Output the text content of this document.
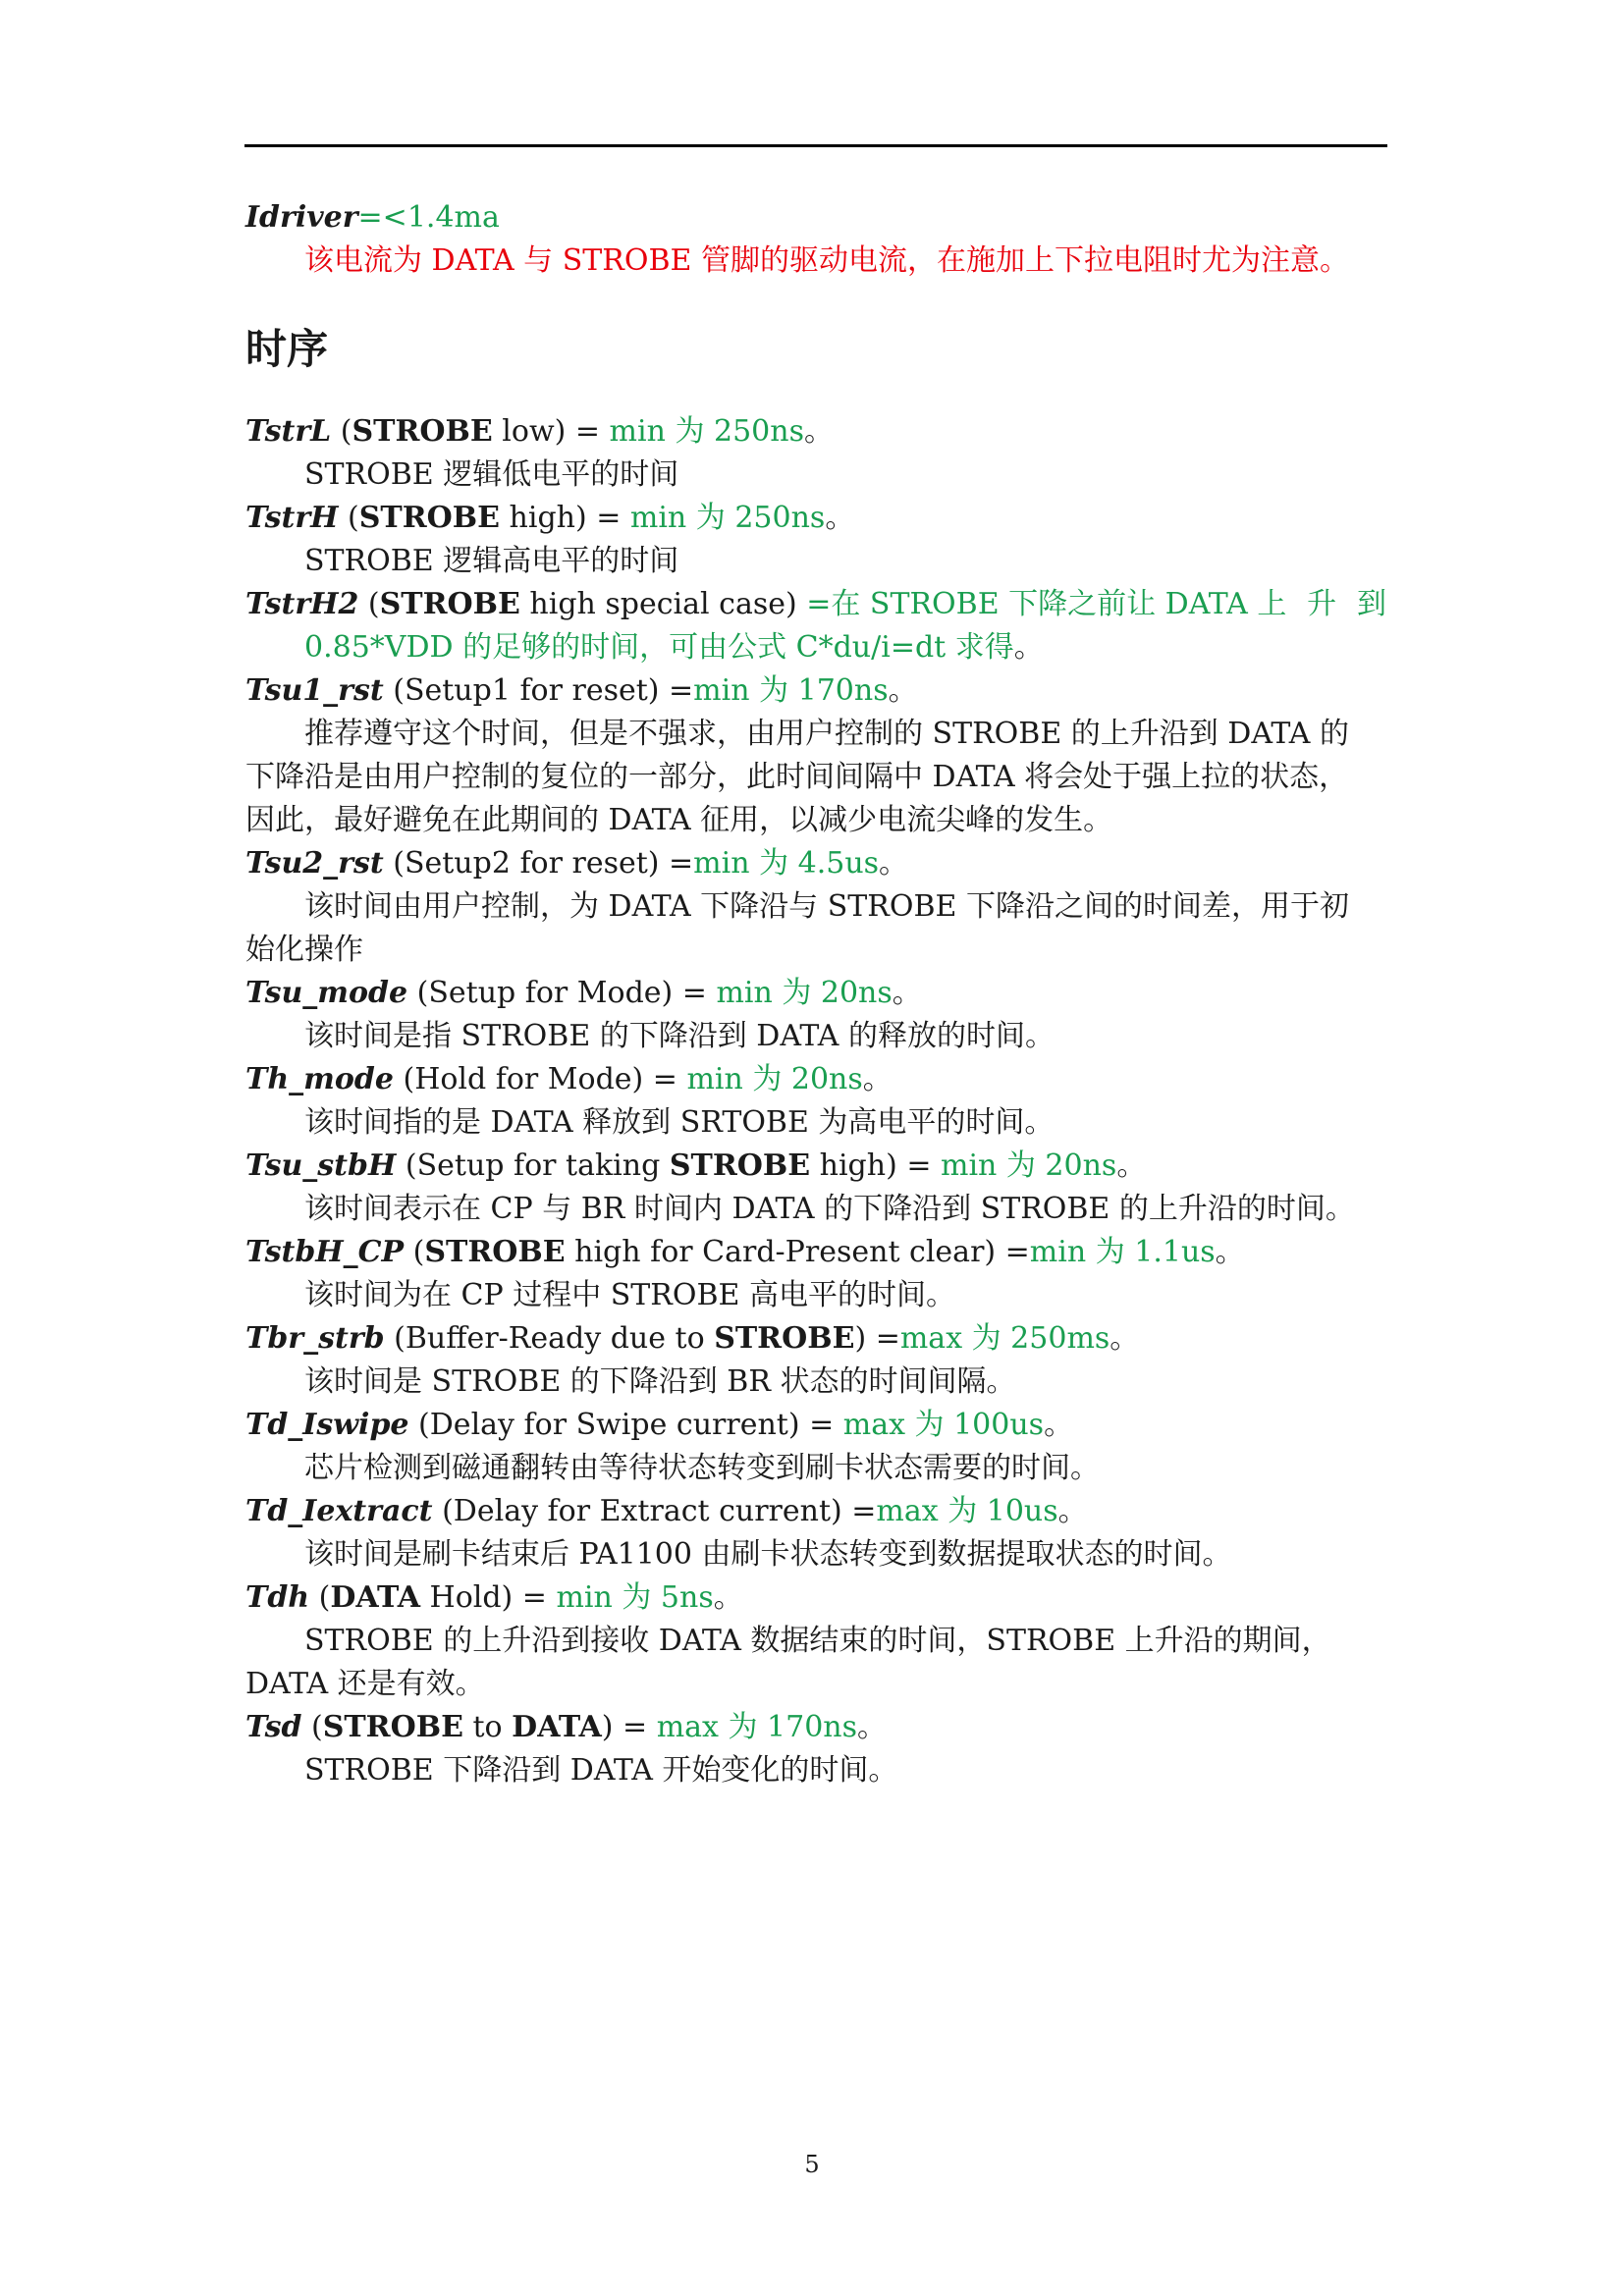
Idriver=<1.4ma
该电流为 DATA 与 STROBE 管脚的驱动电流，在施加上下拉电阻时尤为注意。
时序
TstrL (STROBE low) = min 为 250ns。
STROBE 逻辑低电平的时间
TstrH (STROBE high) = min 为 250ns。
STROBE 逻辑高电平的时间
TstrH2 (STROBE high special case) =在 STROBE 下降之前让 DATA 上 升 到
0.85*VDD 的足够的时间，可由公式 C*du/i=dt 求得。
Tsu1_rst (Setup1 for reset) =min 为 170ns。
推荐遵守这个时间，但是不强求，由用户控制的 STROBE 的上升沿到 DATA 的
下降沿是由用户控制的复位的一部分，此时间间隔中 DATA 将会处于强上拉的状态，
因此，最好避免在此期间的 DATA 征用，以减少电流尖峰的发生。
Tsu2_rst (Setup2 for reset) =min 为 4.5us。
该时间由用户控制，为 DATA 下降沿与 STROBE 下降沿之间的时间差，用于初
始化操作
Tsu_mode (Setup for Mode) = min 为 20ns。
该时间是指 STROBE 的下降沿到 DATA 的释放的时间。
Th_mode (Hold for Mode) = min 为 20ns。
该时间指的是 DATA 释放到 SRTOBE 为高电平的时间。
Tsu_stbH (Setup for taking STROBE high) = min 为 20ns。
该时间表示在 CP 与 BR 时间内 DATA 的下降沿到 STROBE 的上升沿的时间。
TstbH_CP (STROBE high for Card-Present clear) =min 为 1.1us。
该时间为在 CP 过程中 STROBE 高电平的时间。
Tbr_strb (Buffer-Ready due to STROBE) =max 为 250ms。
该时间是 STROBE 的下降沿到 BR 状态的时间间隔。
Td_Iswipe (Delay for Swipe current) = max 为 100us。
芯片检测到磁通翻转由等待状态转变到刷卡状态需要的时间。
Td_Iextract (Delay for Extract current) =max 为 10us。
该时间是刷卡结束后 PA1100 由刷卡状态转变到数据提取状态的时间。
Tdh (DATA Hold) = min 为 5ns。
STROBE 的上升沿到接收 DATA 数据结束的时间，STROBE 上升沿的期间，
DATA 还是有效。
Tsd (STROBE to DATA) = max 为 170ns。
STROBE 下降沿到 DATA 开始变化的时间。
5
